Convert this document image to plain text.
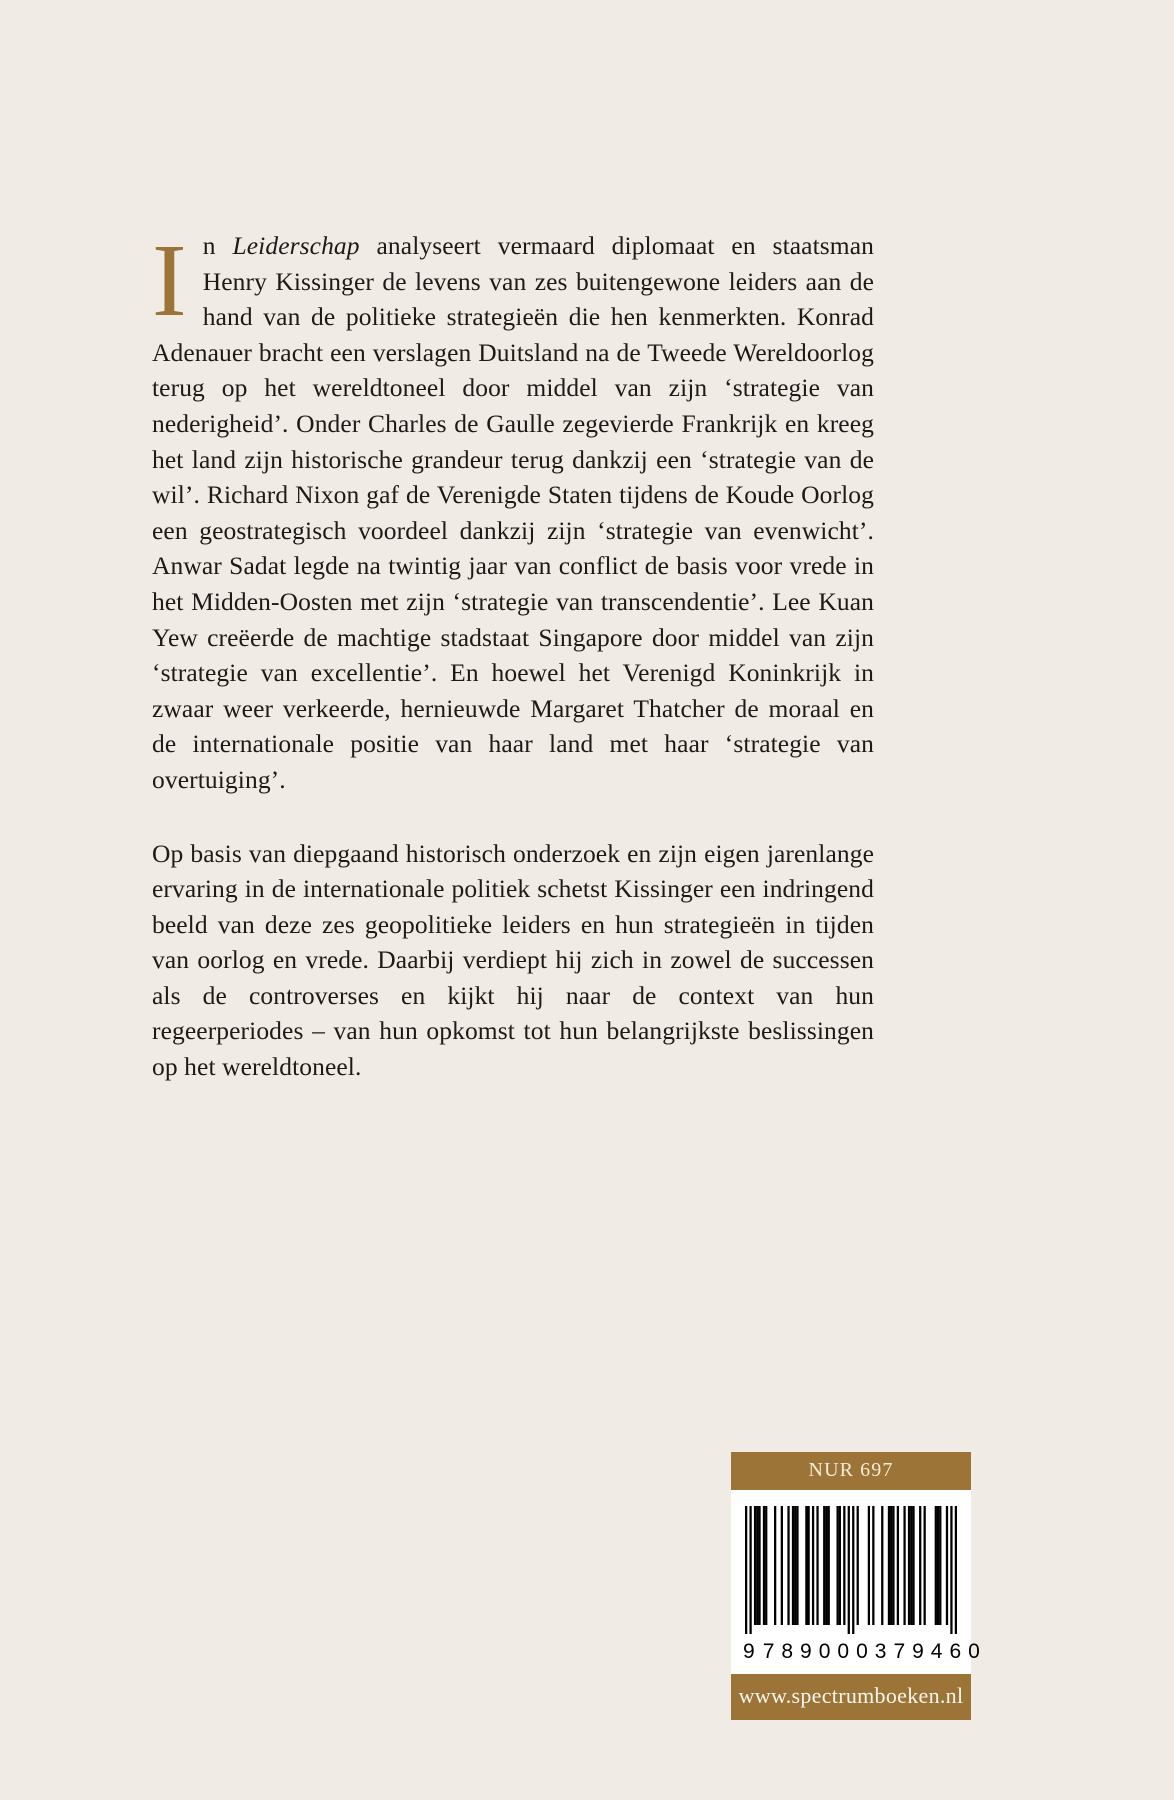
In Leiderschap analyseert vermaard diplomaat en staatsman Henry Kissinger de levens van zes buitengewone leiders aan de hand van de politieke strategieën die hen kenmerkten. Konrad Adenauer bracht een verslagen Duitsland na de Tweede Wereldoorlog terug op het wereldtoneel door middel van zijn ‘strategie van nederigheid’. Onder Charles de Gaulle zegevierde Frankrijk en kreeg het land zijn historische grandeur terug dankzij een ‘strategie van de wil’. Richard Nixon gaf de Verenigde Staten tijdens de Koude Oorlog een geostrategisch voordeel dankzij zijn ‘strategie van evenwicht’. Anwar Sadat legde na twintig jaar van conflict de basis voor vrede in het Midden-Oosten met zijn ‘strategie van transcendentie’. Lee Kuan Yew creëerde de machtige stadstaat Singapore door middel van zijn ‘strategie van excellentie’. En hoewel het Verenigd Koninkrijk in zwaar weer verkeerde, hernieuwde Margaret Thatcher de moraal en de internationale positie van haar land met haar ‘strategie van overtuiging’.

Op basis van diepgaand historisch onderzoek en zijn eigen jarenlange ervaring in de internationale politiek schetst Kissinger een indringend beeld van deze zes geopolitieke leiders en hun strategieën in tijden van oorlog en vrede. Daarbij verdiept hij zich in zowel de successen als de controverses en kijkt hij naar de context van hun regeerperiodes – van hun opkomst tot hun belangrijkste beslissingen op het wereldtoneel.

NUR 697
9 789000 379460
www.spectrumboeken.nl
